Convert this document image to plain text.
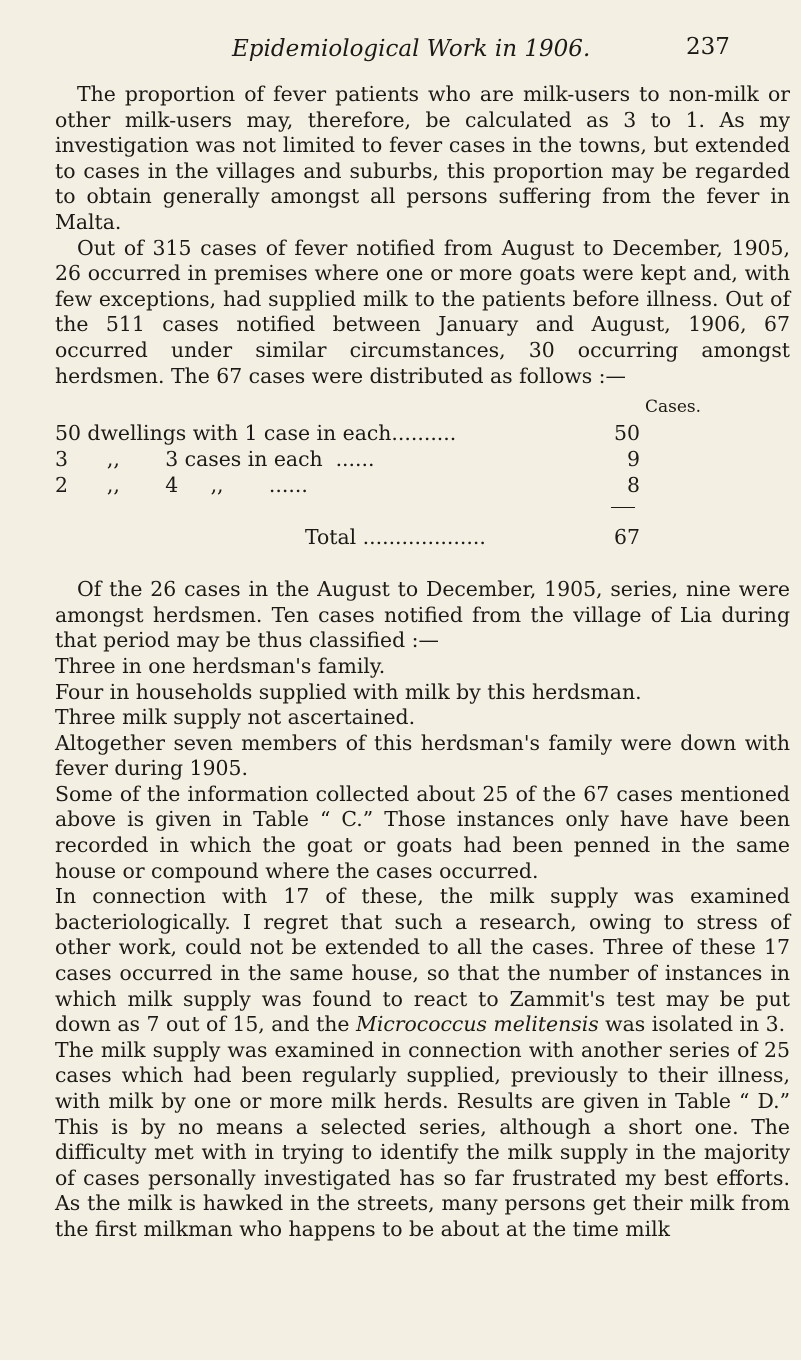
Epidemiological Work in 1906.	237

The proportion of fever patients who are milk-users to non-milk or other milk-users may, therefore, be calculated as 3 to 1. As my investigation was not limited to fever cases in the towns, but extended to cases in the villages and suburbs, this proportion may be regarded to obtain generally amongst all persons suffering from the fever in Malta.

Out of 315 cases of fever notified from August to December, 1905, 26 occurred in premises where one or more goats were kept and, with few exceptions, had supplied milk to the patients before illness. Out of the 511 cases notified between January and August, 1906, 67 occurred under similar circumstances, 30 occurring amongst herdsmen. The 67 cases were distributed as follows :—

Cases.
50 dwellings with 1 case in each..........	50
3      ,,       3 cases in each  ......	9
2      ,,       4     ,,       ......	8
Total ...................	67

Of the 26 cases in the August to December, 1905, series, nine were amongst herdsmen. Ten cases notified from the village of Lia during that period may be thus classified :—

Three in one herdsman's family.

Four in households supplied with milk by this herdsman.

Three milk supply not ascertained.

Altogether seven members of this herdsman's family were down with fever during 1905.

Some of the information collected about 25 of the 67 cases mentioned above is given in Table “ C.” Those instances only have have been recorded in which the goat or goats had been penned in the same house or compound where the cases occurred.

In connection with 17 of these, the milk supply was examined bacteriologically. I regret that such a research, owing to stress of other work, could not be extended to all the cases. Three of these 17 cases occurred in the same house, so that the number of instances in which milk supply was found to react to Zammit's test may be put down as 7 out of 15, and the Micrococcus melitensis was isolated in 3.

The milk supply was examined in connection with another series of 25 cases which had been regularly supplied, previously to their illness, with milk by one or more milk herds. Results are given in Table “ D.” This is by no means a selected series, although a short one. The difficulty met with in trying to identify the milk supply in the majority of cases personally investigated has so far frustrated my best efforts. As the milk is hawked in the streets, many persons get their milk from the first milkman who happens to be about at the time milk
